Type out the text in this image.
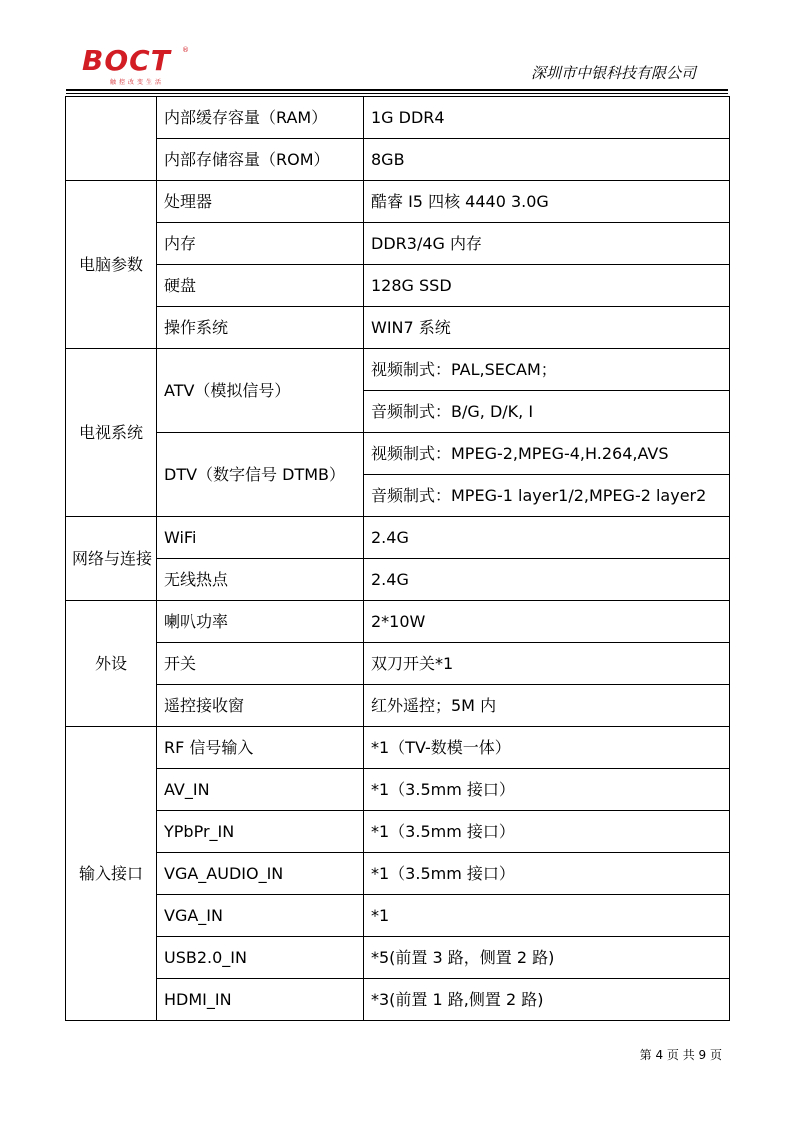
BOCT ®
触控改变生活
深圳市中银科技有限公司
	内部缓存容量（RAM）	1G DDR4
	内部存储容量（ROM）	8GB
电脑参数	处理器	酷睿 I5 四核 4440 3.0G
	内存	DDR3/4G 内存
	硬盘	128G SSD
	操作系统	WIN7 系统
电视系统	ATV（模拟信号）	视频制式：PAL,SECAM；
		音频制式：B/G, D/K, I
	DTV（数字信号 DTMB）	视频制式：MPEG-2,MPEG-4,H.264,AVS
		音频制式：MPEG-1 layer1/2,MPEG-2 layer2
网络与连接	WiFi	2.4G
	无线热点	2.4G
外设	喇叭功率	2*10W
	开关	双刀开关*1
	遥控接收窗	红外遥控；5M 内
输入接口	RF 信号输入	*1（TV-数模一体）
	AV_IN	*1（3.5mm 接口）
	YPbPr_IN	*1（3.5mm 接口）
	VGA_AUDIO_IN	*1（3.5mm 接口）
	VGA_IN	*1
	USB2.0_IN	*5(前置 3 路，侧置 2 路)
	HDMI_IN	*3(前置 1 路,侧置 2 路)
第 4 页 共 9 页
